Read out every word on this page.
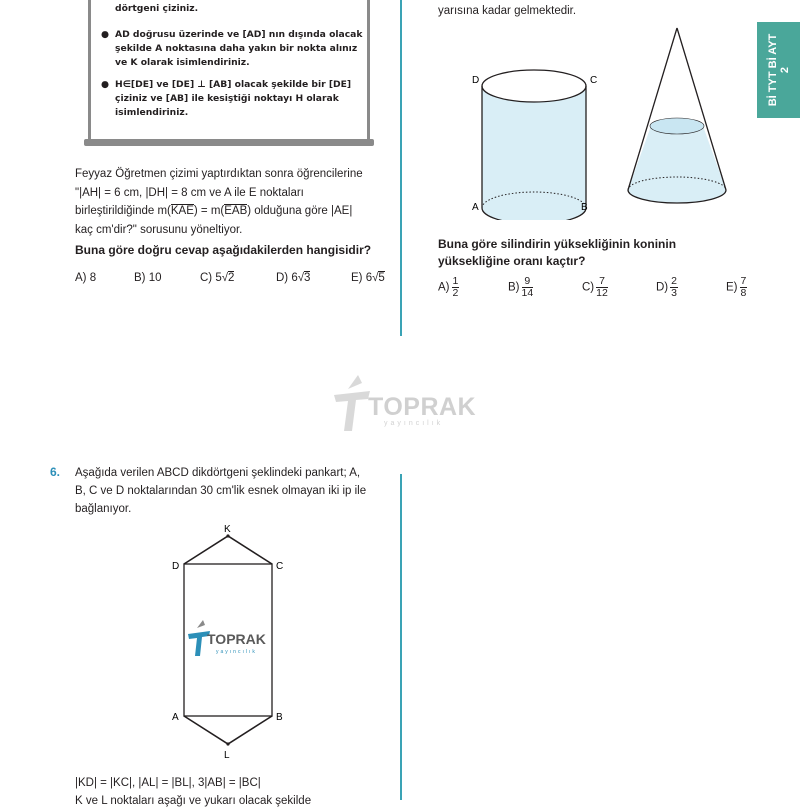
dörtgeni çiziniz.
● AD doğrusu üzerinde ve [AD] nın dışında olacak şekilde A noktasına daha yakın bir nokta alınız ve K olarak isimlendiriniz.
● H∈[DE] ve [DE] ⊥ [AB] olacak şekilde bir [DE] çiziniz ve [AB] ile kesiştiği noktayı H olarak isimlendiriniz.
Feyyaz Öğretmen çizimi yaptırdıktan sonra öğrencilerine
"|AH| = 6 cm, |DH| = 8 cm ve A ile E noktaları
birleştirildiğinde m(KAE) = m(EAB) olduğuna göre |AE|
kaç cm'dir?" sorusunu yöneltiyor.
Buna göre doğru cevap aşağıdakilerden hangisidir?
A) 8	B) 10	C) 5√2	D) 6√3	E) 6√5
yarısına kadar gelmektedir.
D	C
A	B
Buna göre silindirin yüksekliğinin koninin
yüksekliğine oranı kaçtır?
$A) \frac{1}{2}$	$B) \frac{9}{14}$	$C) \frac{7}{12}$	$D) \frac{2}{3}$	$E) \frac{7}{8}$
Bİ TYT Bİ AYT 2
TOPRAK
yayıncılık
6. Aşağıda verilen ABCD dikdörtgeni şeklindeki pankart; A,
B, C ve D noktalarından 30 cm'lik esnek olmayan iki ip ile
bağlanıyor.
K
D	C
A	B
L
TOPRAK
yayıncılık
|KD| = |KC|, |AL| = |BL|, 3|AB| = |BC|
K ve L noktaları aşağı ve yukarı olacak şekilde
